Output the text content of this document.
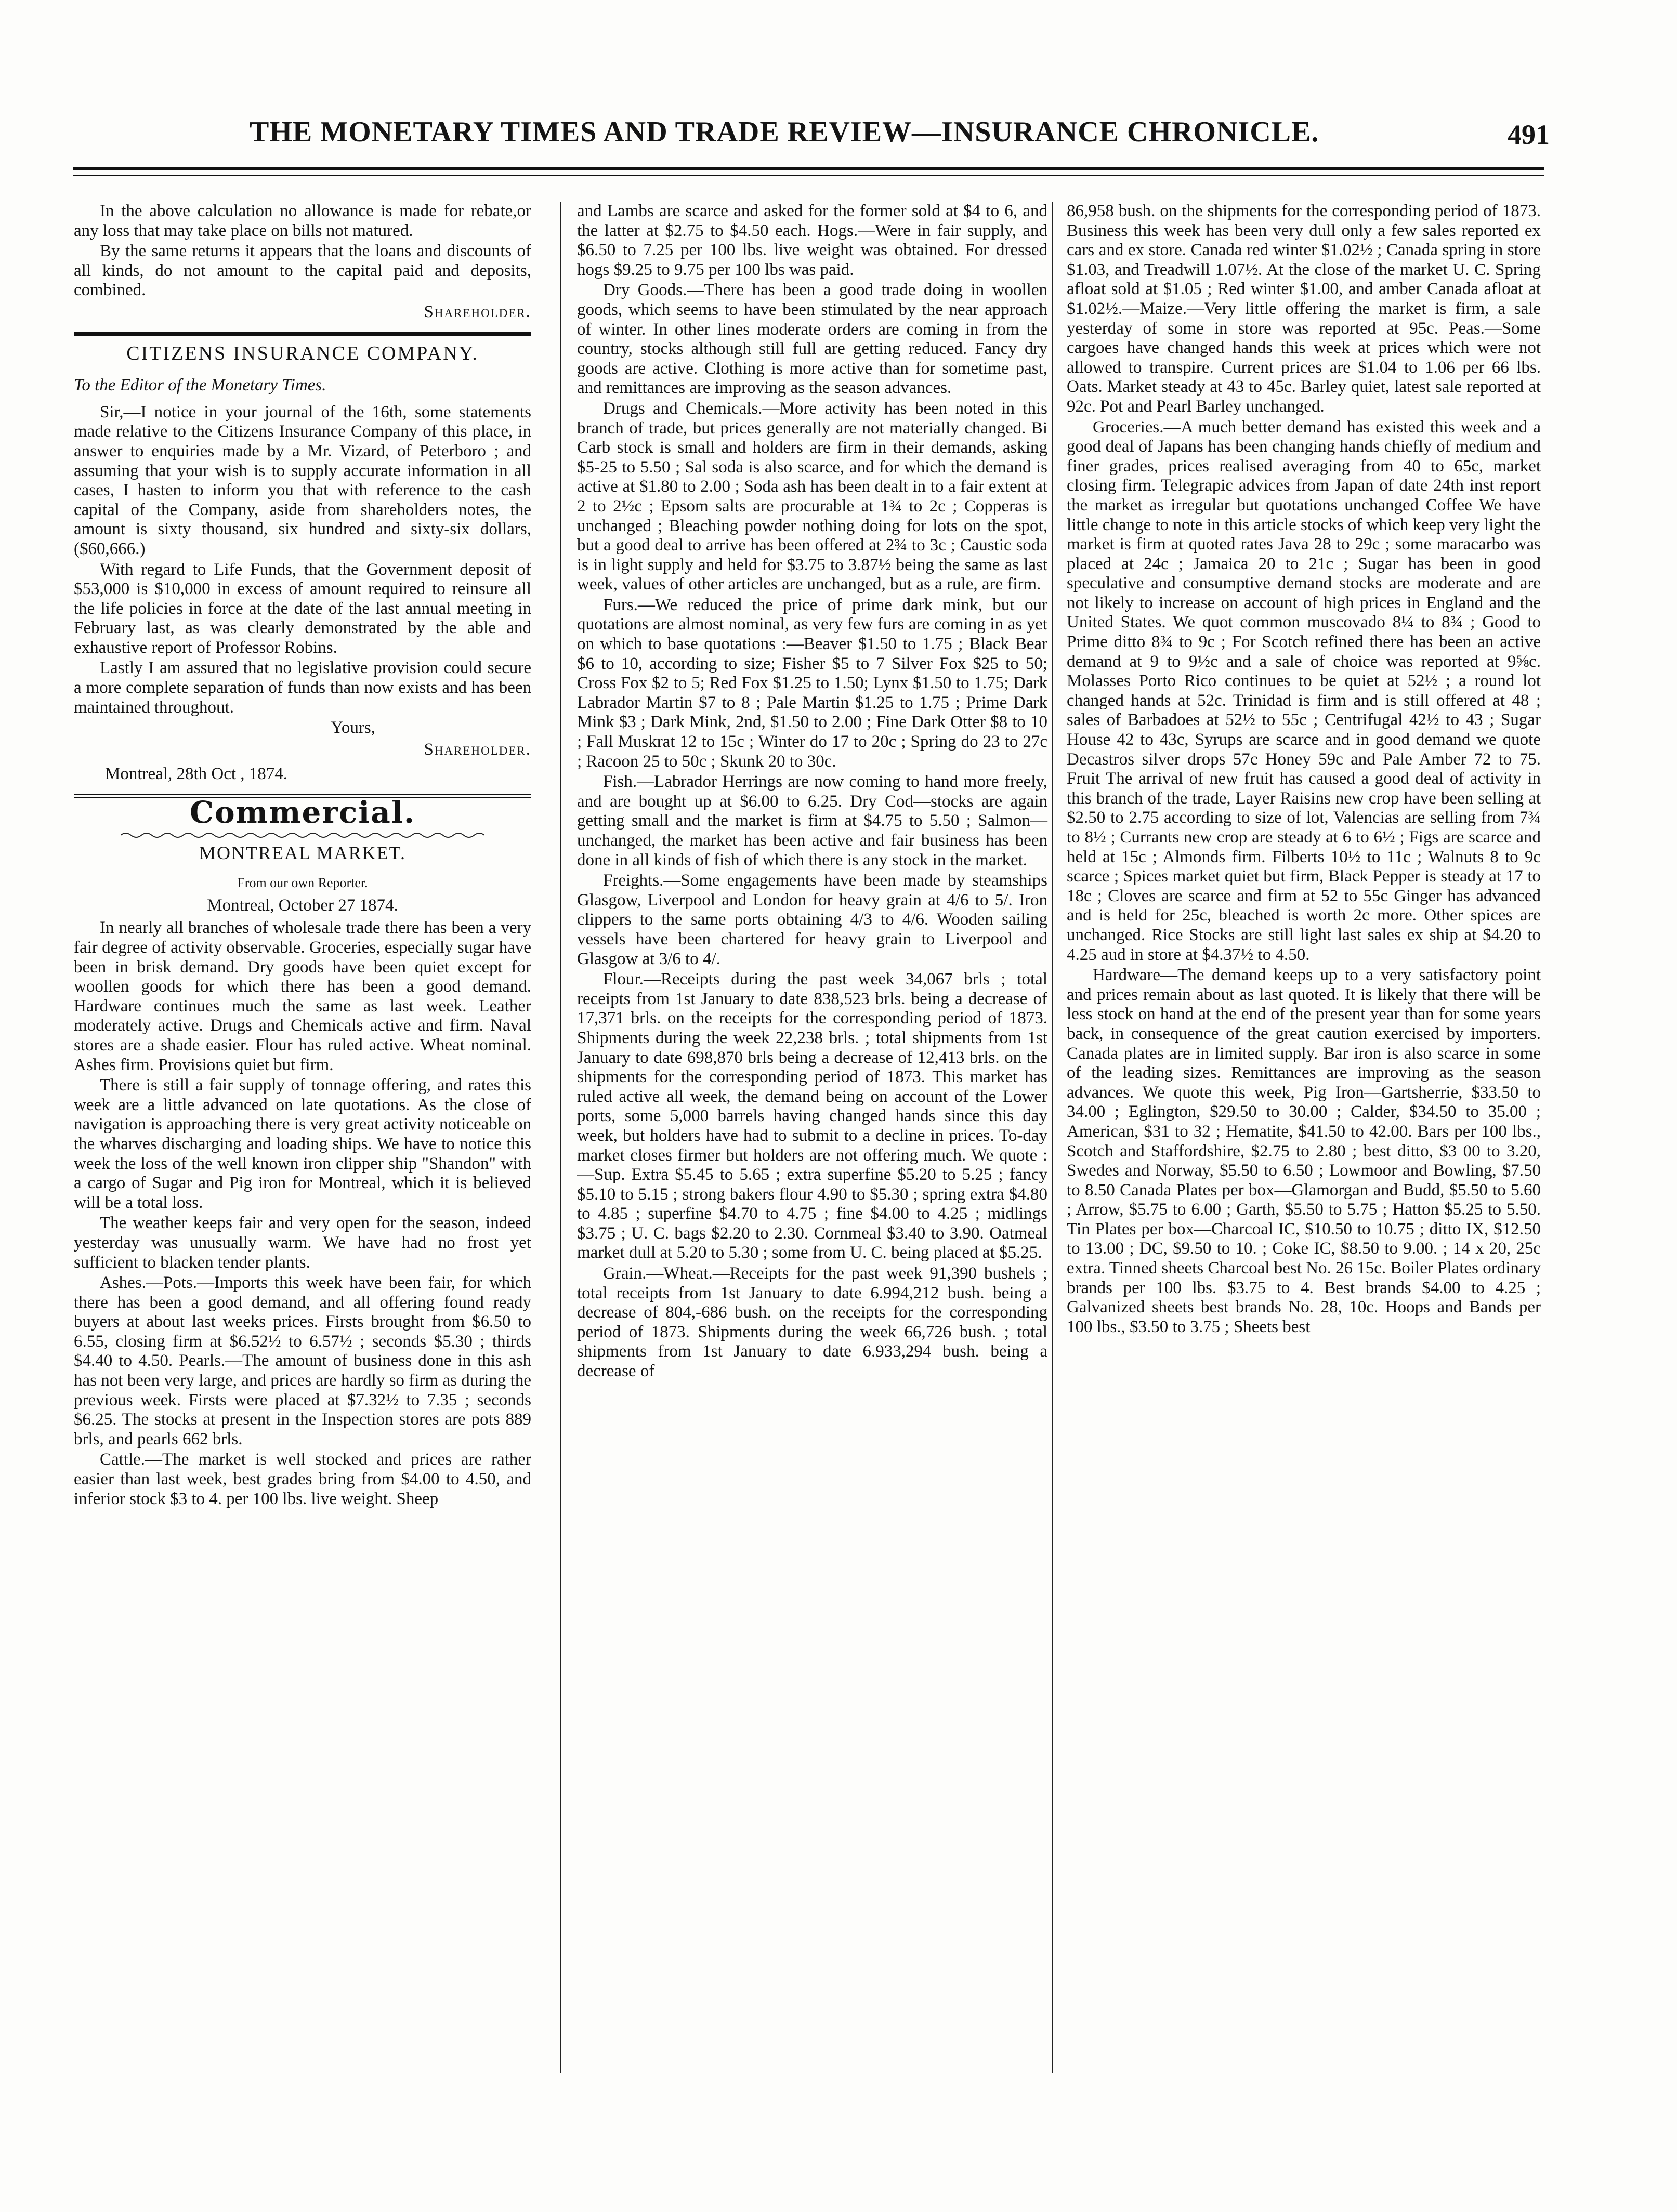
THE MONETARY TIMES AND TRADE REVIEW—INSURANCE CHRONICLE.	491

In the above calculation no allowance is made for rebate,or any loss that may take place on bills not matured.

By the same returns it appears that the loans and discounts of all kinds, do not amount to the capital paid and deposits, combined.

Shareholder.
CITIZENS INSURANCE COMPANY.
To the Editor of the Monetary Times.

Sir,—I notice in your journal of the 16th, some statements made relative to the Citizens Insurance Company of this place, in answer to enquiries made by a Mr. Vizard, of Peterboro ; and assuming that your wish is to supply accurate information in all cases, I hasten to inform you that with reference to the cash capital of the Company, aside from shareholders notes, the amount is sixty thousand, six hundred and sixty-six dollars, ($60,666.)

With regard to Life Funds, that the Government deposit of $53,000 is $10,000 in excess of amount required to reinsure all the life policies in force at the date of the last annual meeting in February last, as was clearly demonstrated by the able and exhaustive report of Professor Robins.

Lastly I am assured that no legislative provision could secure a more complete separation of funds than now exists and has been maintained throughout.

Yours,
Shareholder.
Montreal, 28th Oct , 1874.
Commercial.
MONTREAL MARKET.
From our own Reporter.
Montreal, October 27 1874.

In nearly all branches of wholesale trade there has been a very fair degree of activity observable. Groceries, especially sugar have been in brisk demand. Dry goods have been quiet except for woollen goods for which there has been a good demand. Hardware continues much the same as last week. Leather moderately active. Drugs and Chemicals active and firm. Naval stores are a shade easier. Flour has ruled active. Wheat nominal. Ashes firm. Provisions quiet but firm.

There is still a fair supply of tonnage offering, and rates this week are a little advanced on late quotations. As the close of navigation is approaching there is very great activity noticeable on the wharves discharging and loading ships. We have to notice this week the loss of the well known iron clipper ship "Shandon" with a cargo of Sugar and Pig iron for Montreal, which it is believed will be a total loss.

The weather keeps fair and very open for the season, indeed yesterday was unusually warm. We have had no frost yet sufficient to blacken tender plants.

Ashes.—Pots.—Imports this week have been fair, for which there has been a good demand, and all offering found ready buyers at about last weeks prices. Firsts brought from $6.50 to 6.55, closing firm at $6.52½ to 6.57½ ; seconds $5.30 ; thirds $4.40 to 4.50. Pearls.—The amount of business done in this ash has not been very large, and prices are hardly so firm as during the previous week. Firsts were placed at $7.32½ to 7.35 ; seconds $6.25. The stocks at present in the Inspection stores are pots 889 brls, and pearls 662 brls.

Cattle.—The market is well stocked and prices are rather easier than last week, best grades bring from $4.00 to 4.50, and inferior stock $3 to 4. per 100 lbs. live weight. Sheep

and Lambs are scarce and asked for the former sold at $4 to 6, and the latter at $2.75 to $4.50 each. Hogs.—Were in fair supply, and $6.50 to 7.25 per 100 lbs. live weight was obtained. For dressed hogs $9.25 to 9.75 per 100 lbs was paid.

Dry Goods.—There has been a good trade doing in woollen goods, which seems to have been stimulated by the near approach of winter. In other lines moderate orders are coming in from the country, stocks although still full are getting reduced. Fancy dry goods are active. Clothing is more active than for sometime past, and remittances are improving as the season advances.

Drugs and Chemicals.—More activity has been noted in this branch of trade, but prices generally are not materially changed. Bi Carb stock is small and holders are firm in their demands, asking $5-25 to 5.50 ; Sal soda is also scarce, and for which the demand is active at $1.80 to 2.00 ; Soda ash has been dealt in to a fair extent at 2 to 2½c ; Epsom salts are procurable at 1¾ to 2c ; Copperas is unchanged ; Bleaching powder nothing doing for lots on the spot, but a good deal to arrive has been offered at 2¾ to 3c ; Caustic soda is in light supply and held for $3.75 to 3.87½ being the same as last week, values of other articles are unchanged, but as a rule, are firm.

Furs.—We reduced the price of prime dark mink, but our quotations are almost nominal, as very few furs are coming in as yet on which to base quotations :—Beaver $1.50 to 1.75 ; Black Bear $6 to 10, according to size; Fisher $5 to 7 Silver Fox $25 to 50; Cross Fox $2 to 5; Red Fox $1.25 to 1.50; Lynx $1.50 to 1.75; Dark Labrador Martin $7 to 8 ; Pale Martin $1.25 to 1.75 ; Prime Dark Mink $3 ; Dark Mink, 2nd, $1.50 to 2.00 ; Fine Dark Otter $8 to 10 ; Fall Muskrat 12 to 15c ; Winter do 17 to 20c ; Spring do 23 to 27c ; Racoon 25 to 50c ; Skunk 20 to 30c.

Fish.—Labrador Herrings are now coming to hand more freely, and are bought up at $6.00 to 6.25. Dry Cod—stocks are again getting small and the market is firm at $4.75 to 5.50 ; Salmon—unchanged, the market has been active and fair business has been done in all kinds of fish of which there is any stock in the market.

Freights.—Some engagements have been made by steamships Glasgow, Liverpool and London for heavy grain at 4/6 to 5/. Iron clippers to the same ports obtaining 4/3 to 4/6. Wooden sailing vessels have been chartered for heavy grain to Liverpool and Glasgow at 3/6 to 4/.

Flour.—Receipts during the past week 34,067 brls ; total receipts from 1st January to date 838,523 brls. being a decrease of 17,371 brls. on the receipts for the corresponding period of 1873. Shipments during the week 22,238 brls. ; total shipments from 1st January to date 698,870 brls being a decrease of 12,413 brls. on the shipments for the corresponding period of 1873. This market has ruled active all week, the demand being on account of the Lower ports, some 5,000 barrels having changed hands since this day week, but holders have had to submit to a decline in prices. To-day market closes firmer but holders are not offering much. We quote :—Sup. Extra $5.45 to 5.65 ; extra superfine $5.20 to 5.25 ; fancy $5.10 to 5.15 ; strong bakers flour 4.90 to $5.30 ; spring extra $4.80 to 4.85 ; superfine $4.70 to 4.75 ; fine $4.00 to 4.25 ; midlings $3.75 ; U. C. bags $2.20 to 2.30. Cornmeal $3.40 to 3.90. Oatmeal market dull at 5.20 to 5.30 ; some from U. C. being placed at $5.25.

Grain.—Wheat.—Receipts for the past week 91,390 bushels ; total receipts from 1st January to date 6.994,212 bush. being a decrease of 804,-686 bush. on the receipts for the corresponding period of 1873. Shipments during the week 66,726 bush. ; total shipments from 1st January to date 6.933,294 bush. being a decrease of

86,958 bush. on the shipments for the corresponding period of 1873. Business this week has been very dull only a few sales reported ex cars and ex store. Canada red winter $1.02½ ; Canada spring in store $1.03, and Treadwill 1.07½. At the close of the market U. C. Spring afloat sold at $1.05 ; Red winter $1.00, and amber Canada afloat at $1.02½.—Maize.—Very little offering the market is firm, a sale yesterday of some in store was reported at 95c. Peas.—Some cargoes have changed hands this week at prices which were not allowed to transpire. Current prices are $1.04 to 1.06 per 66 lbs. Oats. Market steady at 43 to 45c. Barley quiet, latest sale reported at 92c. Pot and Pearl Barley unchanged.

Groceries.—A much better demand has existed this week and a good deal of Japans has been changing hands chiefly of medium and finer grades, prices realised averaging from 40 to 65c, market closing firm. Telegrapic advices from Japan of date 24th inst report the market as irregular but quotations unchanged Coffee We have little change to note in this article stocks of which keep very light the market is firm at quoted rates Java 28 to 29c ; some maracarbo was placed at 24c ; Jamaica 20 to 21c ; Sugar has been in good speculative and consumptive demand stocks are moderate and are not likely to increase on account of high prices in England and the United States. We quot common muscovado 8¼ to 8¾ ; Good to Prime ditto 8¾ to 9c ; For Scotch refined there has been an active demand at 9 to 9½c and a sale of choice was reported at 9⅝c. Molasses Porto Rico continues to be quiet at 52½ ; a round lot changed hands at 52c. Trinidad is firm and is still offered at 48 ; sales of Barbadoes at 52½ to 55c ; Centrifugal 42½ to 43 ; Sugar House 42 to 43c, Syrups are scarce and in good demand we quote Decastros silver drops 57c Honey 59c and Pale Amber 72 to 75. Fruit The arrival of new fruit has caused a good deal of activity in this branch of the trade, Layer Raisins new crop have been selling at $2.50 to 2.75 according to size of lot, Valencias are selling from 7¾ to 8½ ; Currants new crop are steady at 6 to 6½ ; Figs are scarce and held at 15c ; Almonds firm. Filberts 10½ to 11c ; Walnuts 8 to 9c scarce ; Spices market quiet but firm, Black Pepper is steady at 17 to 18c ; Cloves are scarce and firm at 52 to 55c Ginger has advanced and is held for 25c, bleached is worth 2c more. Other spices are unchanged. Rice Stocks are still light last sales ex ship at $4.20 to 4.25 aud in store at $4.37½ to 4.50.

Hardware—The demand keeps up to a very satisfactory point and prices remain about as last quoted. It is likely that there will be less stock on hand at the end of the present year than for some years back, in consequence of the great caution exercised by importers. Canada plates are in limited supply. Bar iron is also scarce in some of the leading sizes. Remittances are improving as the season advances. We quote this week, Pig Iron—Gartsherrie, $33.50 to 34.00 ; Eglington, $29.50 to 30.00 ; Calder, $34.50 to 35.00 ; American, $31 to 32 ; Hematite, $41.50 to 42.00. Bars per 100 lbs., Scotch and Staffordshire, $2.75 to 2.80 ; best ditto, $3 00 to 3.20, Swedes and Norway, $5.50 to 6.50 ; Lowmoor and Bowling, $7.50 to 8.50 Canada Plates per box—Glamorgan and Budd, $5.50 to 5.60 ; Arrow, $5.75 to 6.00 ; Garth, $5.50 to 5.75 ; Hatton $5.25 to 5.50. Tin Plates per box—Charcoal IC, $10.50 to 10.75 ; ditto IX, $12.50 to 13.00 ; DC, $9.50 to 10. ; Coke IC, $8.50 to 9.00. ; 14 x 20, 25c extra. Tinned sheets Charcoal best No. 26 15c. Boiler Plates ordinary brands per 100 lbs. $3.75 to 4. Best brands $4.00 to 4.25 ; Galvanized sheets best brands No. 28, 10c. Hoops and Bands per 100 lbs., $3.50 to 3.75 ; Sheets best
